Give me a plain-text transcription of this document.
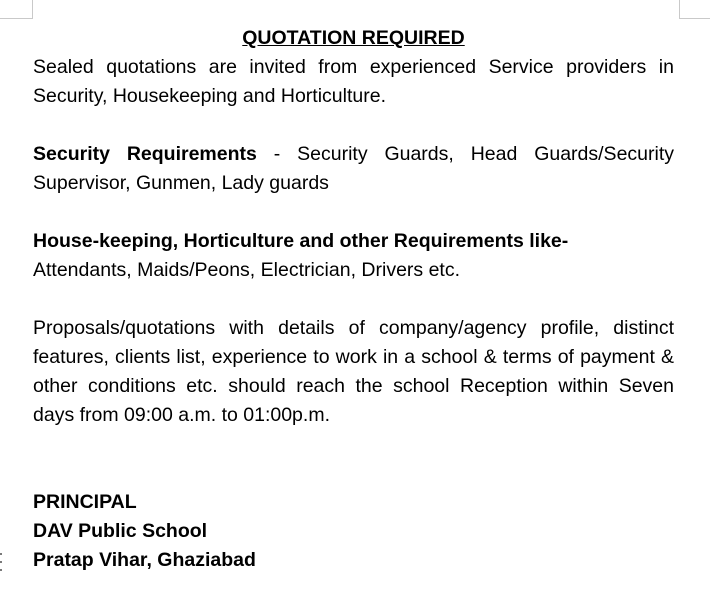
QUOTATION REQUIRED

Sealed quotations are invited from experienced Service providers in Security, Housekeeping and Horticulture.

Security Requirements - Security Guards, Head Guards/Security Supervisor, Gunmen, Lady guards

House-keeping, Horticulture and other Requirements like-
Attendants, Maids/Peons, Electrician, Drivers etc.

Proposals/quotations with details of company/agency profile, distinct features, clients list, experience to work in a school & terms of payment & other conditions etc. should reach the school Reception within Seven days from 09:00 a.m. to 01:00p.m.

PRINCIPAL
DAV Public School
Pratap Vihar, Ghaziabad
